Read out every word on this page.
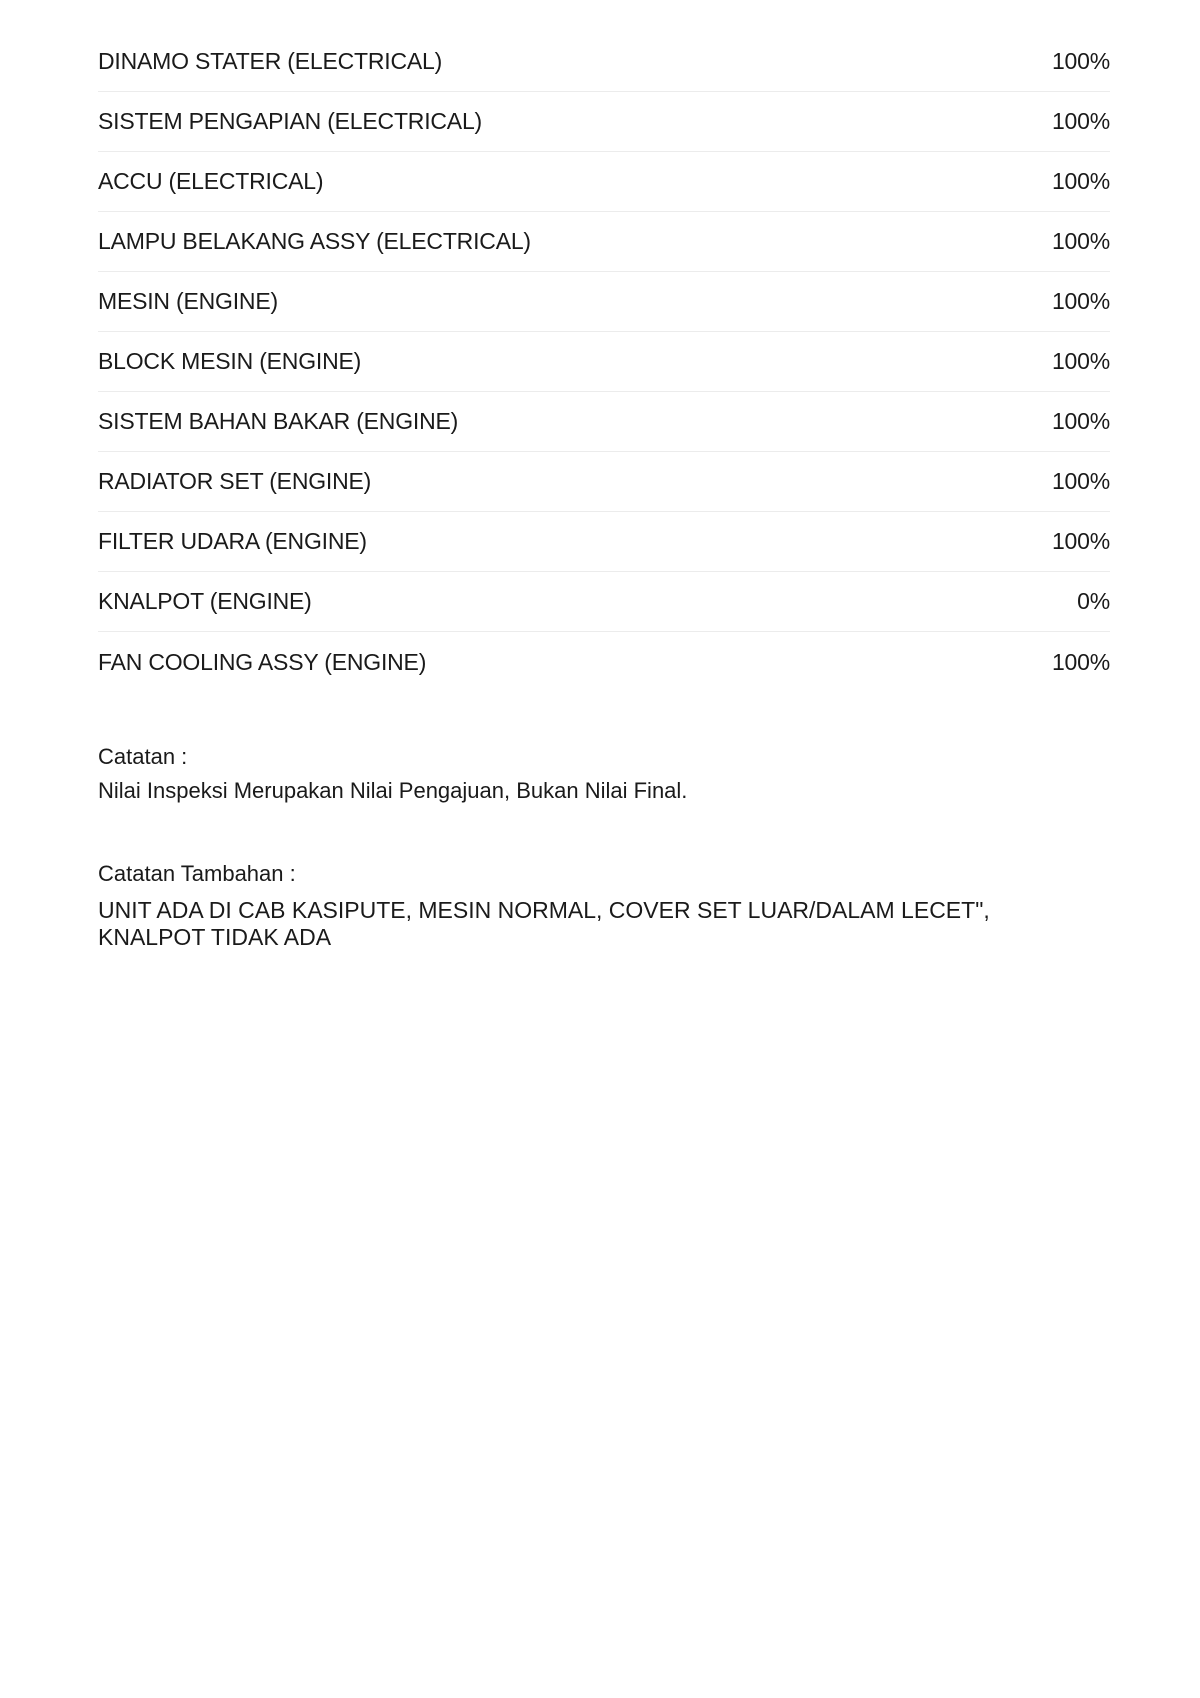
DINAMO STATER (ELECTRICAL)	100%
SISTEM PENGAPIAN (ELECTRICAL)	100%
ACCU (ELECTRICAL)	100%
LAMPU BELAKANG ASSY (ELECTRICAL)	100%
MESIN (ENGINE)	100%
BLOCK MESIN (ENGINE)	100%
SISTEM BAHAN BAKAR (ENGINE)	100%
RADIATOR SET (ENGINE)	100%
FILTER UDARA (ENGINE)	100%
KNALPOT (ENGINE)	0%
FAN COOLING ASSY (ENGINE)	100%
Catatan :
Nilai Inspeksi Merupakan Nilai Pengajuan, Bukan Nilai Final.
Catatan Tambahan :
UNIT ADA DI CAB KASIPUTE, MESIN NORMAL, COVER SET LUAR/DALAM LECET",
KNALPOT TIDAK ADA
